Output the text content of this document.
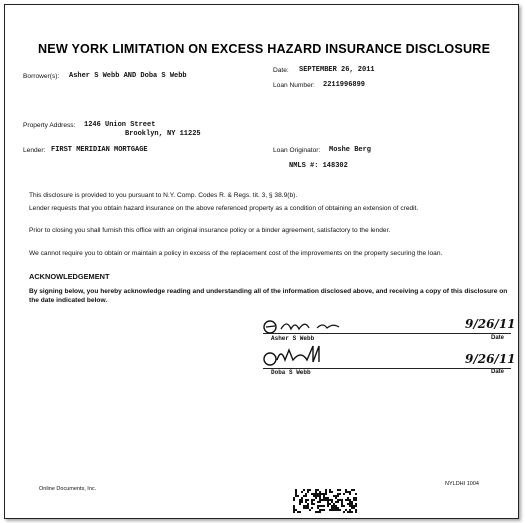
NEW YORK LIMITATION ON EXCESS HAZARD INSURANCE DISCLOSURE
Borrower(s): Asher S Webb AND Doba S Webb
Date: SEPTEMBER 26, 2011
Loan Number: 2211996899
Property Address: 1246 Union Street
Brooklyn, NY 11225
Lender: FIRST MERIDIAN MORTGAGE	Loan Originator: Moshe Berg
NMLS #: 148302
This disclosure is provided to you pursuant to N.Y. Comp. Codes R. & Regs. tit. 3, § 38.9(b).
Lender requests that you obtain hazard insurance on the above referenced property as a condition of obtaining an extension of credit.
Prior to closing you shall furnish this office with an original insurance policy or a binder agreement, satisfactory to the lender.
We cannot require you to obtain or maintain a policy in excess of the replacement cost of the improvements on the property securing the loan.
ACKNOWLEDGEMENT
By signing below, you hereby acknowledge reading and understanding all of the information disclosed above, and receiving a copy of this disclosure on the date indicated below.
9/26/11
Asher S Webb	Date
9/26/11
Doba S Webb	Date
Online Documents, Inc.
NYLDHI 1004
